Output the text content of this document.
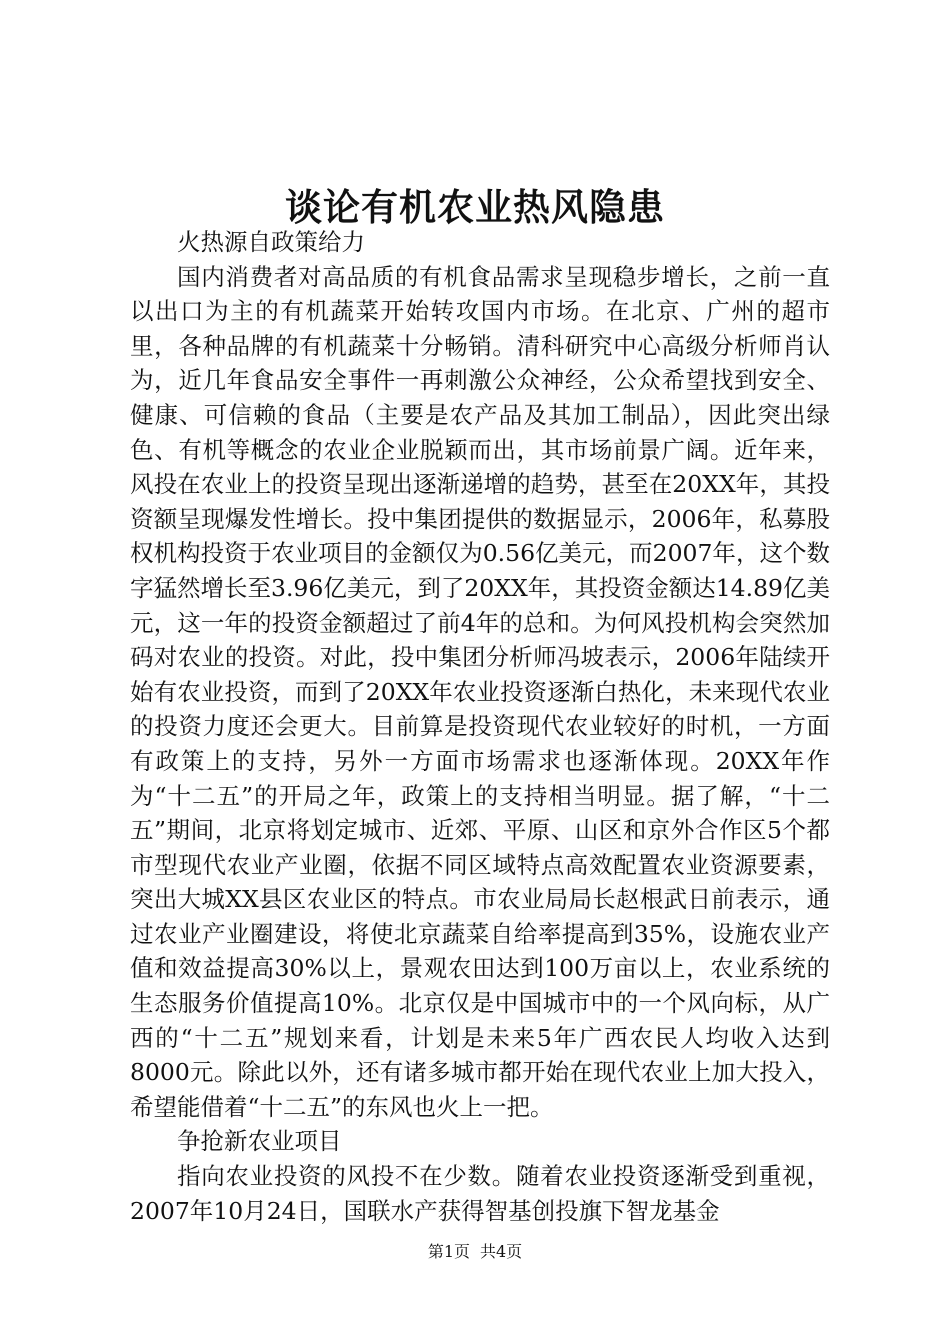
谈论有机农业热风隐患

火热源自政策给力

国内消费者对高品质的有机食品需求呈现稳步增长，之前一直以出口为主的有机蔬菜开始转攻国内市场。在北京、广州的超市里，各种品牌的有机蔬菜十分畅销。清科研究中心高级分析师肖认为，近几年食品安全事件一再刺激公众神经，公众希望找到安全、健康、可信赖的食品（主要是农产品及其加工制品），因此突出绿色、有机等概念的农业企业脱颖而出，其市场前景广阔。近年来，风投在农业上的投资呈现出逐渐递增的趋势，甚至在20XX年，其投资额呈现爆发性增长。投中集团提供的数据显示，2006年，私募股权机构投资于农业项目的金额仅为0.56亿美元，而2007年，这个数字猛然增长至3.96亿美元，到了20XX年，其投资金额达14.89亿美元，这一年的投资金额超过了前4年的总和。为何风投机构会突然加码对农业的投资。对此，投中集团分析师冯坡表示，2006年陆续开始有农业投资，而到了20XX年农业投资逐渐白热化，未来现代农业的投资力度还会更大。目前算是投资现代农业较好的时机，一方面有政策上的支持，另外一方面市场需求也逐渐体现。20XX年作为“十二五”的开局之年，政策上的支持相当明显。据了解，“十二五”期间，北京将划定城市、近郊、平原、山区和京外合作区5个都市型现代农业产业圈，依据不同区域特点高效配置农业资源要素，突出大城XX县区农业区的特点。市农业局局长赵根武日前表示，通过农业产业圈建设，将使北京蔬菜自给率提高到35%，设施农业产值和效益提高30%以上，景观农田达到100万亩以上，农业系统的生态服务价值提高10%。北京仅是中国城市中的一个风向标，从广西的“十二五”规划来看，计划是未来5年广西农民人均收入达到8000元。除此以外，还有诸多城市都开始在现代农业上加大投入，希望能借着“十二五”的东风也火上一把。

争抢新农业项目

指向农业投资的风投不在少数。随着农业投资逐渐受到重视，2007年10月24日，国联水产获得智基创投旗下智龙基金

第1页 共4页
